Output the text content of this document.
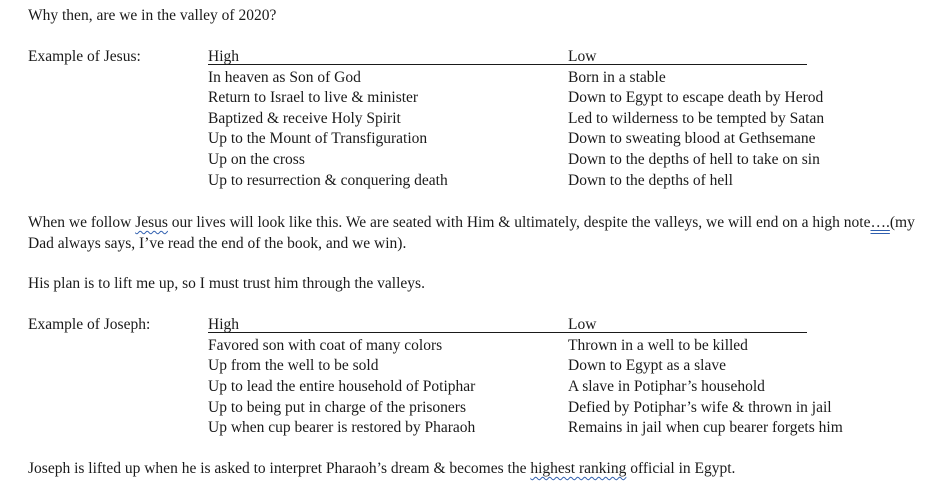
Why then, are we in the valley of 2020?
Example of Jesus:	High	Low
In heaven as Son of God	Born in a stable
Return to Israel to live & minister	Down to Egypt to escape death by Herod
Baptized & receive Holy Spirit	Led to wilderness to be tempted by Satan
Up to the Mount of Transfiguration	Down to sweating blood at Gethsemane
Up on the cross	Down to the depths of hell to take on sin
Up to resurrection & conquering death	Down to the depths of hell
When we follow Jesus our lives will look like this. We are seated with Him & ultimately, despite the valleys, we will end on a high note….(my Dad always says, I’ve read the end of the book, and we win).
His plan is to lift me up, so I must trust him through the valleys.
Example of Joseph:	High	Low
Favored son with coat of many colors	Thrown in a well to be killed
Up from the well to be sold	Down to Egypt as a slave
Up to lead the entire household of Potiphar	A slave in Potiphar’s household
Up to being put in charge of the prisoners	Defied by Potiphar’s wife & thrown in jail
Up when cup bearer is restored by Pharaoh	Remains in jail when cup bearer forgets him
Joseph is lifted up when he is asked to interpret Pharaoh’s dream & becomes the highest ranking official in Egypt.
